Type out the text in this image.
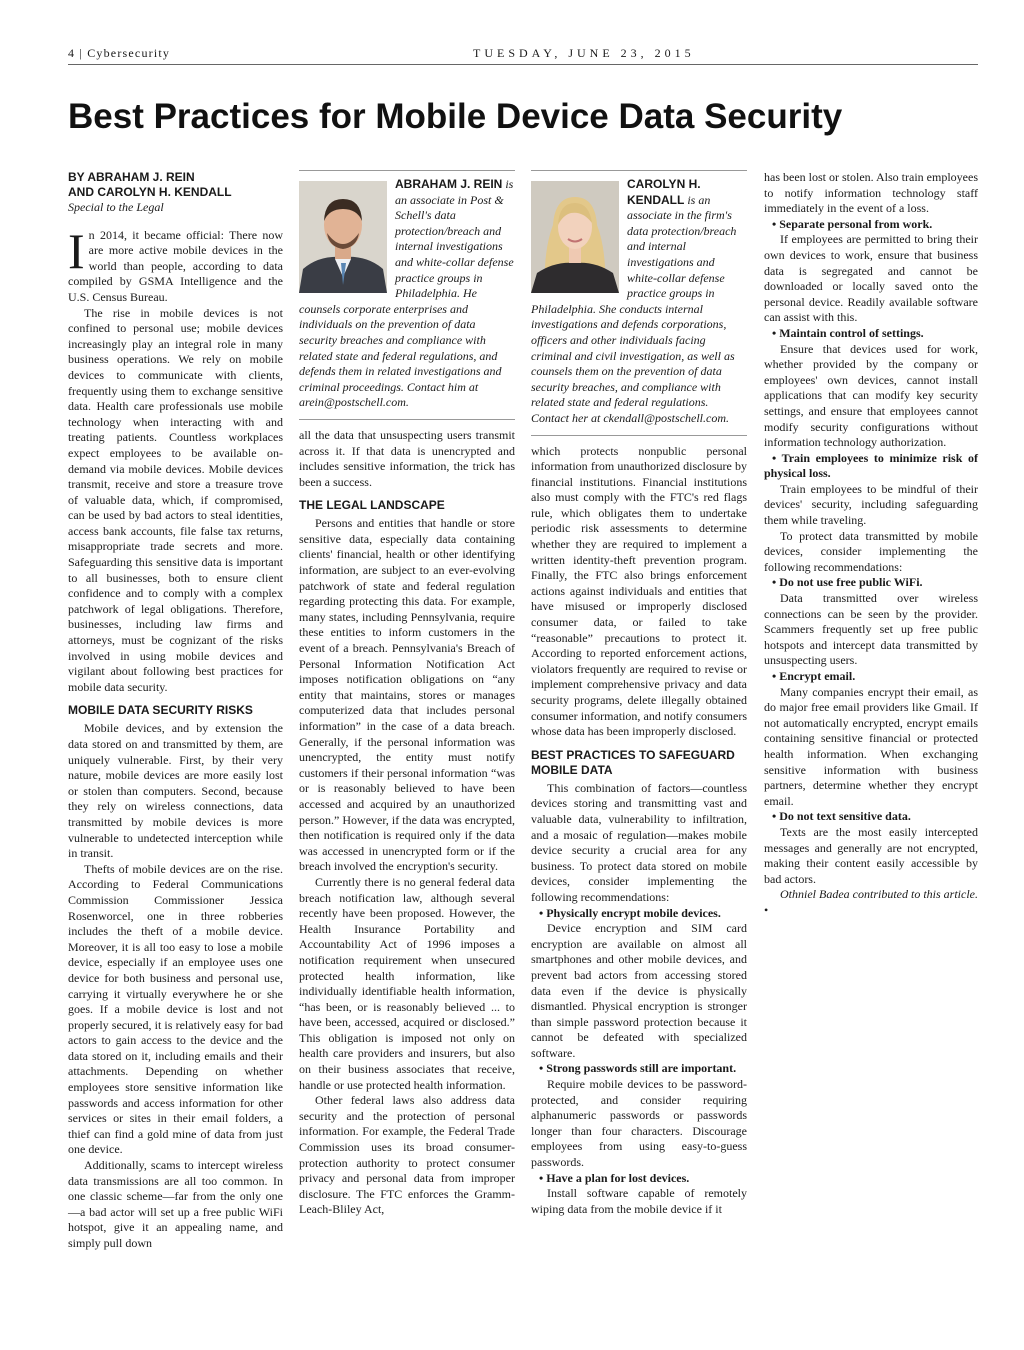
4 | Cybersecurity	TUESDAY, JUNE 23, 2015
Best Practices for Mobile Device Data Security
BY ABRAHAM J. REIN
AND CAROLYN H. KENDALL
Special to the Legal

In 2014, it became official: There now are more active mobile devices in the world than people, according to data compiled by GSMA Intelligence and the U.S. Census Bureau.

The rise in mobile devices is not confined to personal use; mobile devices increasingly play an integral role in many business operations. We rely on mobile devices to communicate with clients, frequently using them to exchange sensitive data. Health care professionals use mobile technology when interacting with and treating patients. Countless workplaces expect employees to be available on-demand via mobile devices. Mobile devices transmit, receive and store a treasure trove of valuable data, which, if compromised, can be used by bad actors to steal identities, access bank accounts, file false tax returns, misappropriate trade secrets and more. Safeguarding this sensitive data is important to all businesses, both to ensure client confidence and to comply with a complex patchwork of legal obligations. Therefore, businesses, including law firms and attorneys, must be cognizant of the risks involved in using mobile devices and vigilant about following best practices for mobile data security.

MOBILE DATA SECURITY RISKS

Mobile devices, and by extension the data stored on and transmitted by them, are uniquely vulnerable. First, by their very nature, mobile devices are more easily lost or stolen than computers. Second, because they rely on wireless connections, data transmitted by mobile devices is more vulnerable to undetected interception while in transit.

Thefts of mobile devices are on the rise. According to Federal Communications Commission Commissioner Jessica Rosenworcel, one in three robberies includes the theft of a mobile device. Moreover, it is all too easy to lose a mobile device, especially if an employee uses one device for both business and personal use, carrying it virtually everywhere he or she goes. If a mobile device is lost and not properly secured, it is relatively easy for bad actors to gain access to the device and the data stored on it, including emails and their attachments. Depending on whether employees store sensitive information like passwords and access information for other services or sites in their email folders, a thief can find a gold mine of data from just one device.

Additionally, scams to intercept wireless data transmissions are all too common. In one classic scheme—far from the only one—a bad actor will set up a free public WiFi hotspot, give it an appealing name, and simply pull down

ABRAHAM J. REIN is an associate in Post & Schell's data protection/breach and internal investigations and white-collar defense practice groups in Philadelphia. He counsels corporate enterprises and individuals on the prevention of data security breaches and compliance with related state and federal regulations, and defends them in related investigations and criminal proceedings. Contact him at arein@postschell.com.

all the data that unsuspecting users transmit across it. If that data is unencrypted and includes sensitive information, the trick has been a success.

THE LEGAL LANDSCAPE

Persons and entities that handle or store sensitive data, especially data containing clients' financial, health or other identifying information, are subject to an ever-evolving patchwork of state and federal regulation regarding protecting this data. For example, many states, including Pennsylvania, require these entities to inform customers in the event of a breach. Pennsylvania's Breach of Personal Information Notification Act imposes notification obligations on “any entity that maintains, stores or manages computerized data that includes personal information” in the case of a data breach. Generally, if the personal information was unencrypted, the entity must notify customers if their personal information “was or is reasonably believed to have been accessed and acquired by an unauthorized person.” However, if the data was encrypted, then notification is required only if the data was accessed in unencrypted form or if the breach involved the encryption's security.

Currently there is no general federal data breach notification law, although several recently have been proposed. However, the Health Insurance Portability and Accountability Act of 1996 imposes a notification requirement when unsecured protected health information, like individually identifiable health information, “has been, or is reasonably believed ... to have been, accessed, acquired or disclosed.” This obligation is imposed not only on health care providers and insurers, but also on their business associates that receive, handle or use protected health information.

Other federal laws also address data security and the protection of personal information. For example, the Federal Trade Commission uses its broad consumer-protection authority to protect consumer privacy and personal data from improper disclosure. The FTC enforces the Gramm-Leach-Bliley Act,

CAROLYN H. KENDALL is an associate in the firm's data protection/breach and internal investigations and white-collar defense practice groups in Philadelphia. She conducts internal investigations and defends corporations, officers and other individuals facing criminal and civil investigation, as well as counsels them on the prevention of data security breaches, and compliance with related state and federal regulations. Contact her at ckendall@postschell.com.

which protects nonpublic personal information from unauthorized disclosure by financial institutions. Financial institutions also must comply with the FTC's red flags rule, which obligates them to undertake periodic risk assessments to determine whether they are required to implement a written identity-theft prevention program. Finally, the FTC also brings enforcement actions against individuals and entities that have misused or improperly disclosed consumer data, or failed to take “reasonable” precautions to protect it. According to reported enforcement actions, violators frequently are required to revise or implement comprehensive privacy and data security programs, delete illegally obtained consumer information, and notify consumers whose data has been improperly disclosed.

BEST PRACTICES TO SAFEGUARD MOBILE DATA

This combination of factors—countless devices storing and transmitting vast and valuable data, vulnerability to infiltration, and a mosaic of regulation—makes mobile device security a crucial area for any business. To protect data stored on mobile devices, consider implementing the following recommendations:

• Physically encrypt mobile devices.

Device encryption and SIM card encryption are available on almost all smartphones and other mobile devices, and prevent bad actors from accessing stored data even if the device is physically dismantled. Physical encryption is stronger than simple password protection because it cannot be defeated with specialized software.

• Strong passwords still are important.

Require mobile devices to be password-protected, and consider requiring alphanumeric passwords or passwords longer than four characters. Discourage employees from using easy-to-guess passwords.

• Have a plan for lost devices.

Install software capable of remotely wiping data from the mobile device if it

has been lost or stolen. Also train employees to notify information technology staff immediately in the event of a loss.

• Separate personal from work.

If employees are permitted to bring their own devices to work, ensure that business data is segregated and cannot be downloaded or locally saved onto the personal device. Readily available software can assist with this.

• Maintain control of settings.

Ensure that devices used for work, whether provided by the company or employees' own devices, cannot install applications that can modify key security settings, and ensure that employees cannot modify security configurations without information technology authorization.

• Train employees to minimize risk of physical loss.

Train employees to be mindful of their devices' security, including safeguarding them while traveling.

To protect data transmitted by mobile devices, consider implementing the following recommendations:

• Do not use free public WiFi.

Data transmitted over wireless connections can be seen by the provider. Scammers frequently set up free public hotspots and intercept data transmitted by unsuspecting users.

• Encrypt email.

Many companies encrypt their email, as do major free email providers like Gmail. If not automatically encrypted, encrypt emails containing sensitive financial or protected health information. When exchanging sensitive information with business partners, determine whether they encrypt email.

• Do not text sensitive data.

Texts are the most easily intercepted messages and generally are not encrypted, making their content easily accessible by bad actors.

Othniel Badea contributed to this article. •
